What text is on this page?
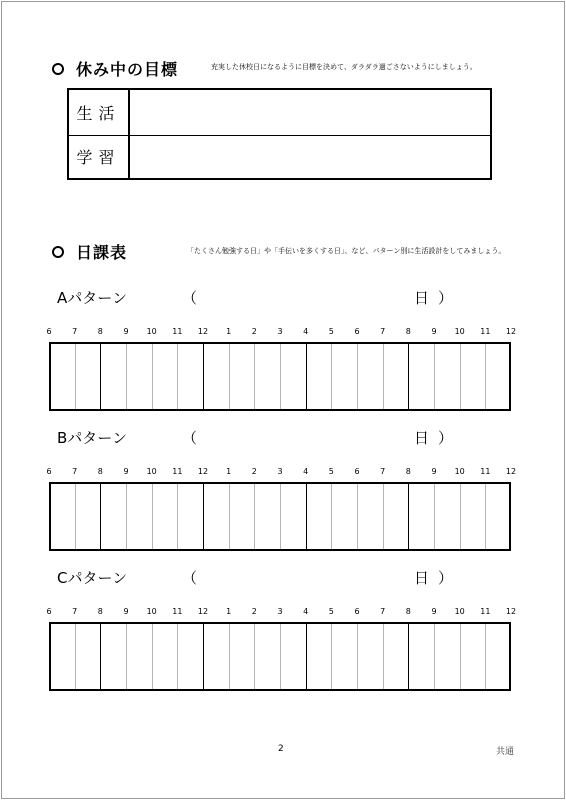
休み中の目標	充実した休校日になるように目標を決めて、ダラダラ過ごさないようにしましょう。
生活
学習
日課表	「たくさん勉強する日」や「手伝いを多くする日」、など、パターン別に生活設計をしてみましょう。
Aパターン	（	日 ）
6	7	8	9 10 11 12 1	2	3	4	5	6	7	8	9 10 11 12
Bパターン	（	日 ）
6	7	8	9 10 11 12 1	2	3	4	5	6	7	8	9 10 11 12
Cパターン	（	日 ）
6	7	8	9 10 11 12 1	2	3	4	5	6	7	8	9 10 11 12
2	共通
